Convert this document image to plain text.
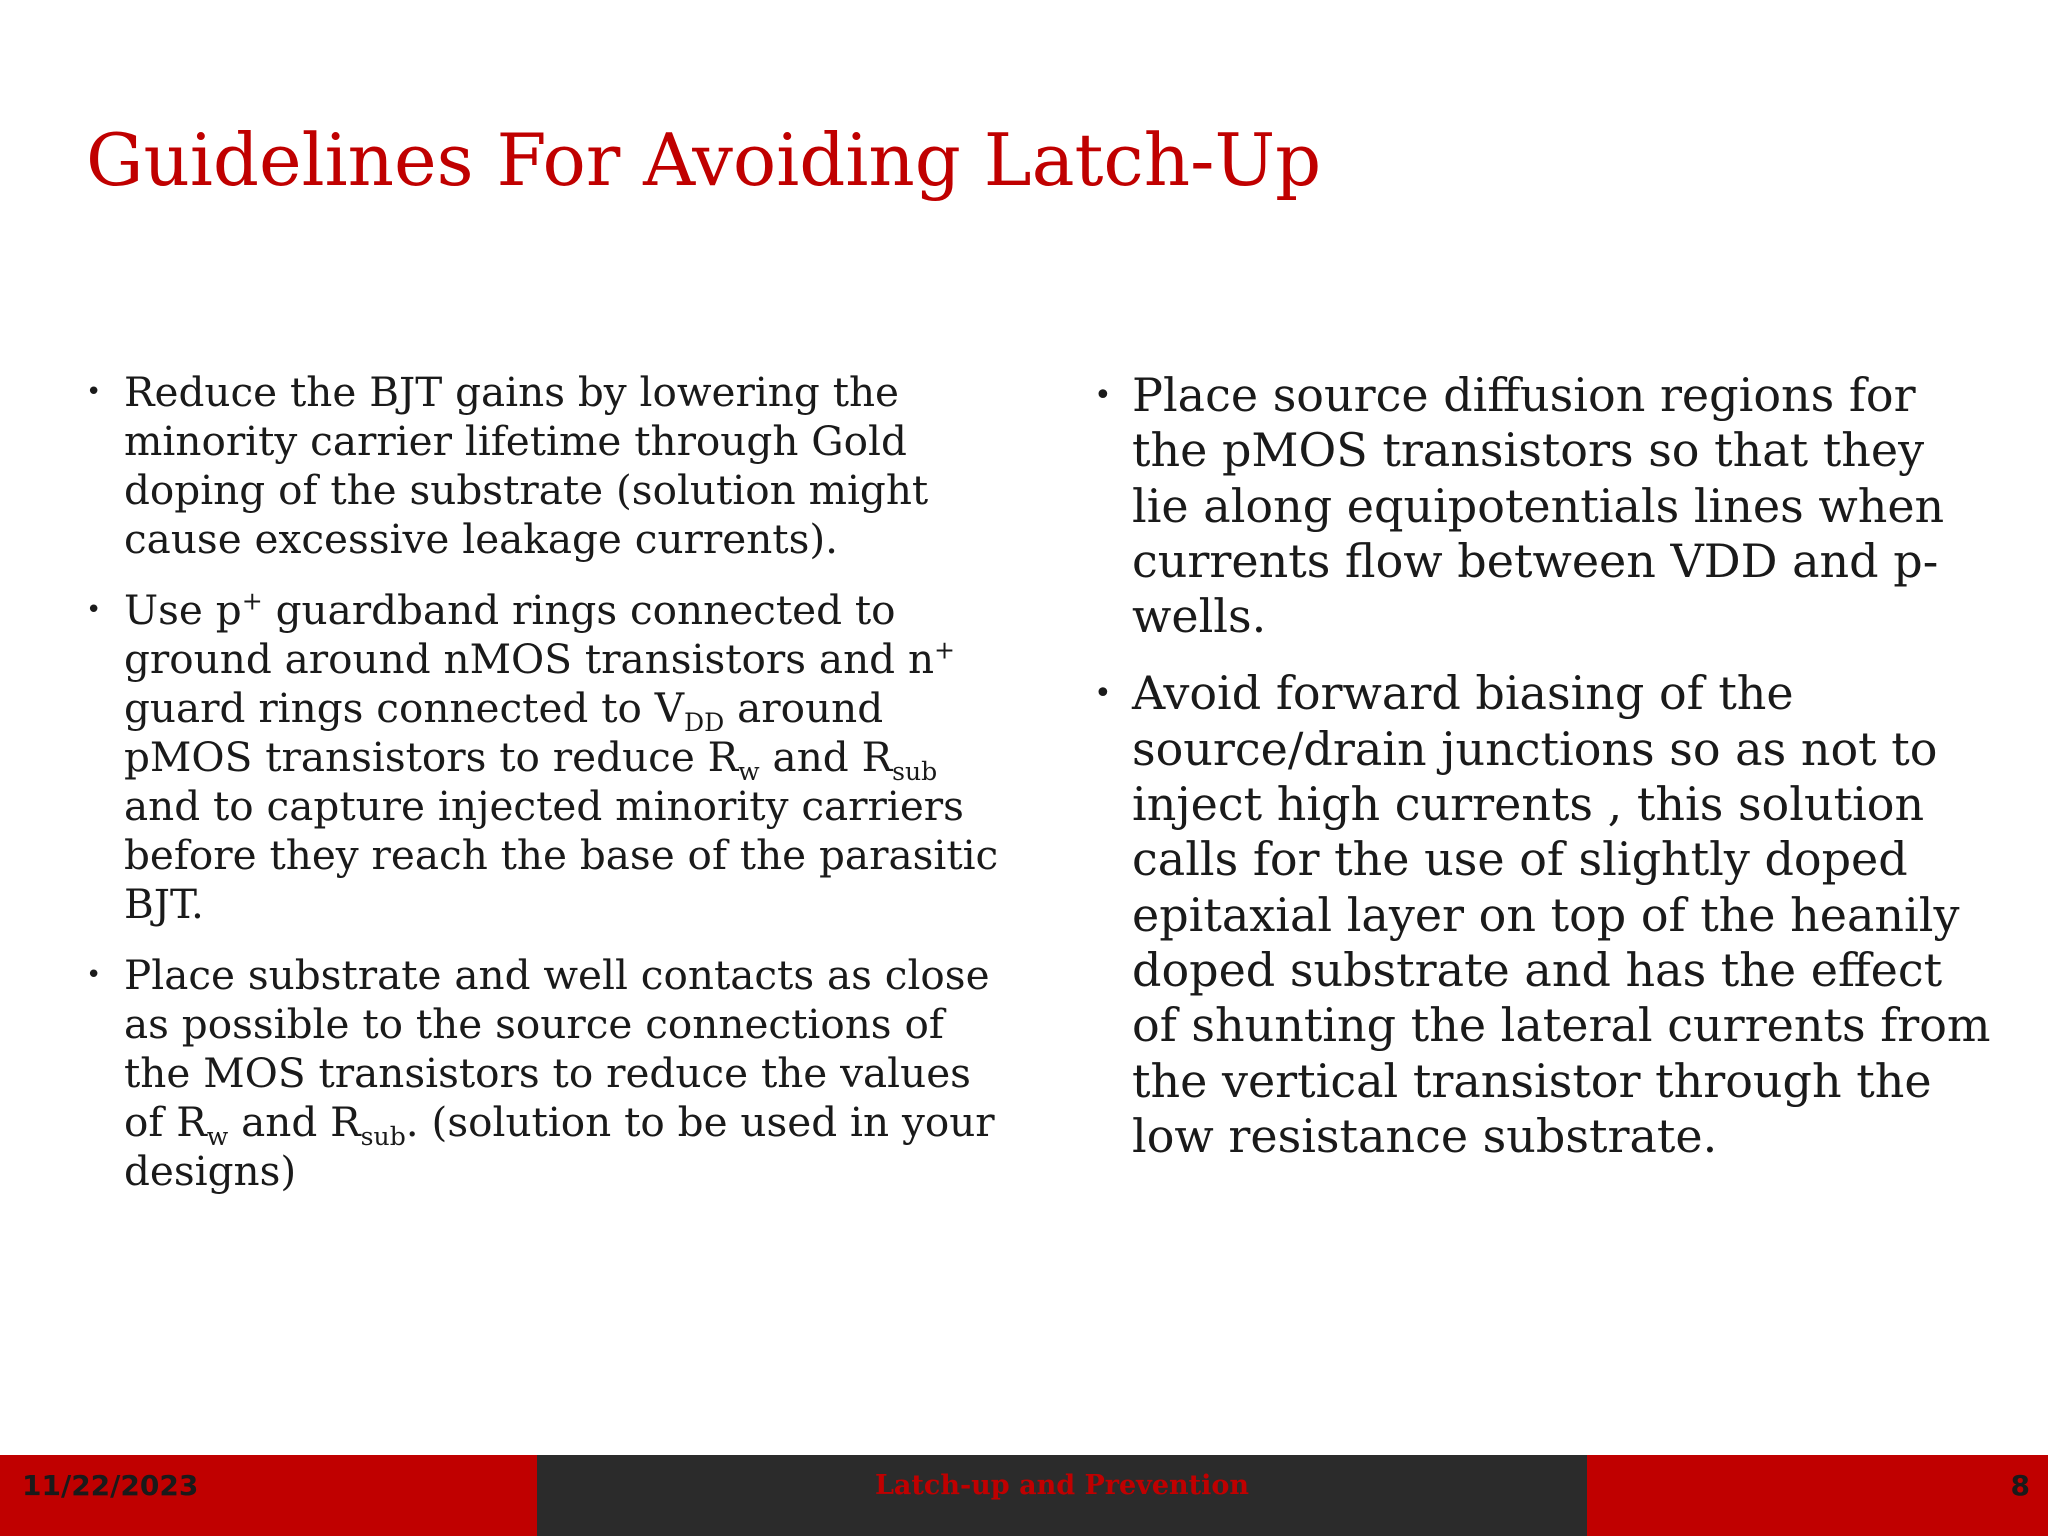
Guidelines For Avoiding Latch-Up
• Reduce the BJT gains by lowering the minority carrier lifetime through Gold doping of the substrate (solution might cause excessive leakage currents).
• Use p+ guardband rings connected to ground around nMOS transistors and n+ guard rings connected to $V_{DD}$ around pMOS transistors to reduce $R_w$ and $R_{sub}$ and to capture injected minority carriers before they reach the base of the parasitic BJT.
• Place substrate and well contacts as close as possible to the source connections of the MOS transistors to reduce the values of $R_w$ and $R_{sub}$. (solution to be used in your designs)
• Place source diffusion regions for the pMOS transistors so that they lie along equipotentials lines when currents flow between VDD and p-wells.
• Avoid forward biasing of the source/drain junctions so as not to inject high currents , this solution calls for the use of slightly doped epitaxial layer on top of the heanily doped substrate and has the effect of shunting the lateral currents from the vertical transistor through the low resistance substrate.
11/22/2023	Latch-up and Prevention	8
